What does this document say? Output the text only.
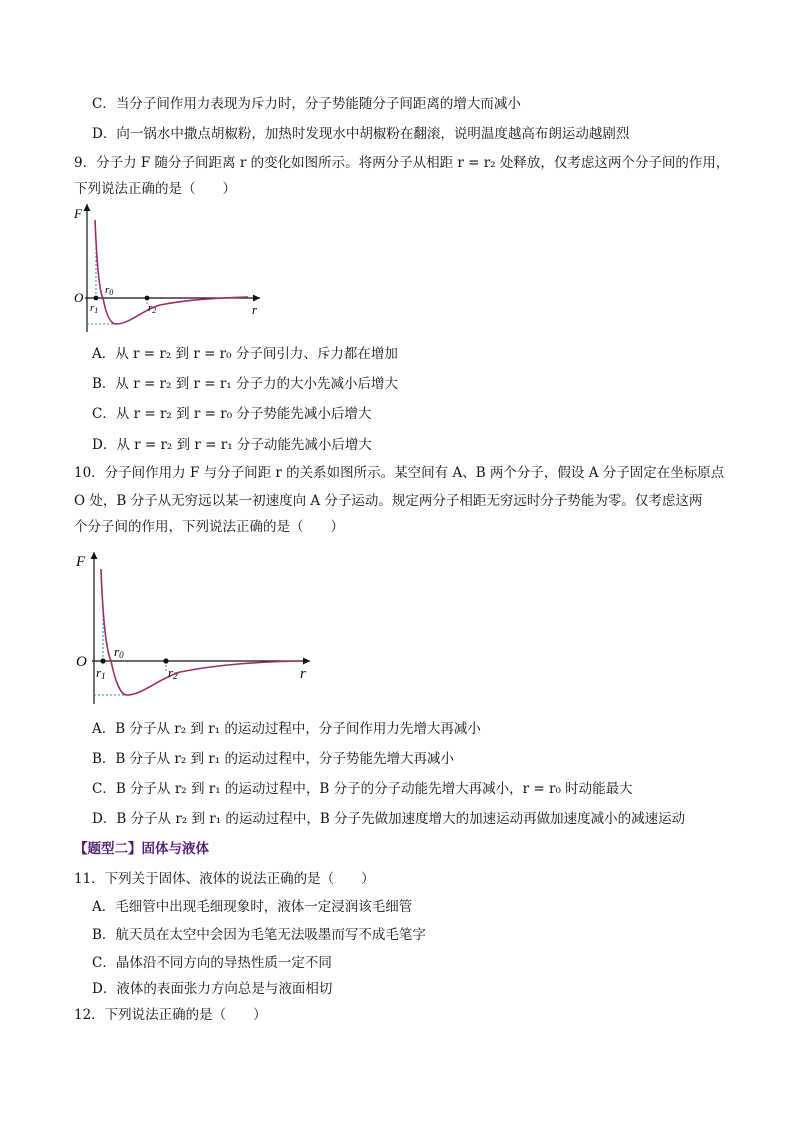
C．当分子间作用力表现为斥力时，分子势能随分子间距离的增大而减小
D．向一锅水中撒点胡椒粉，加热时发现水中胡椒粉在翻滚，说明温度越高布朗运动越剧烈
9．分子力 F 随分子间距离 r 的变化如图所示。将两分子从相距 r = r₂ 处释放，仅考虑这两个分子间的作用，
下列说法正确的是（　　）
F
O
r
r0
r1	r2
A．从 r = r₂ 到 r = r₀ 分子间引力、斥力都在增加
B．从 r = r₂ 到 r = r₁ 分子力的大小先减小后增大
C．从 r = r₂ 到 r = r₀ 分子势能先减小后增大
D．从 r = r₂ 到 r = r₁ 分子动能先减小后增大
10．分子间作用力 F 与分子间距 r 的关系如图所示。某空间有 A、B 两个分子，假设 A 分子固定在坐标原点
O 处，B 分子从无穷远以某一初速度向 A 分子运动。规定两分子相距无穷远时分子势能为零。仅考虑这两
个分子间的作用，下列说法正确的是（　　）
F
O
r
r0
r1	r2
A．B 分子从 r₂ 到 r₁ 的运动过程中，分子间作用力先增大再减小
B．B 分子从 r₂ 到 r₁ 的运动过程中，分子势能先增大再减小
C．B 分子从 r₂ 到 r₁ 的运动过程中，B 分子的分子动能先增大再减小，r = r₀ 时动能最大
D．B 分子从 r₂ 到 r₁ 的运动过程中，B 分子先做加速度增大的加速运动再做加速度减小的减速运动
【题型二】固体与液体
11．下列关于固体、液体的说法正确的是（　　）
A．毛细管中出现毛细现象时，液体一定浸润该毛细管
B．航天员在太空中会因为毛笔无法吸墨而写不成毛笔字
C．晶体沿不同方向的导热性质一定不同
D．液体的表面张力方向总是与液面相切
12．下列说法正确的是（　　）
